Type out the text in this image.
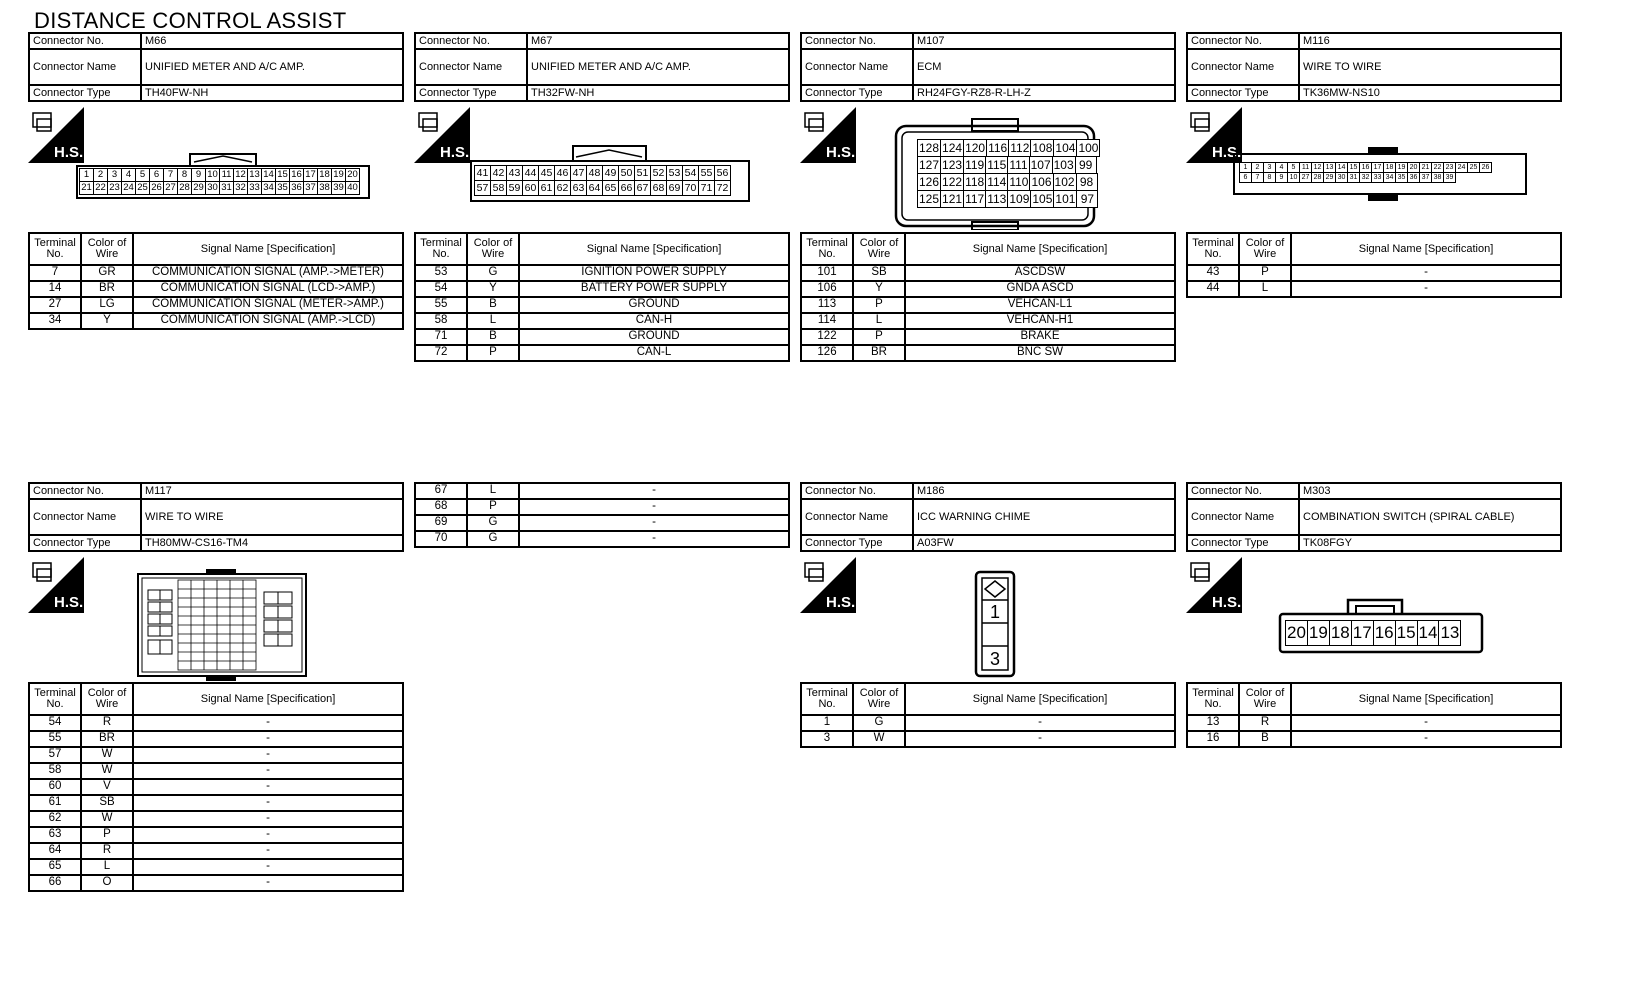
DISTANCE CONTROL ASSIST
Connector No.	M66
Connector Name	UNIFIED METER AND A/C AMP.
Connector Type	TH40FW-NH
H.S.
1 2 3 4 5 6 7 8 9 10 11 12 13 14 15 16 17 18 19 20
21 22 23 24 25 26 27 28 29 30 31 32 33 34 35 36 37 38 39 40
Connector No.	M67
Connector Name	UNIFIED METER AND A/C AMP.
Connector Type	TH32FW-NH
H.S.
41 42 43 44 45 46 47 48 49 50 51 52 53 54 55 56
57 58 59 60 61 62 63 64 65 66 67 68 69 70 71 72
Connector No.	M107
Connector Name	ECM
Connector Type	RH24FGY-RZ8-R-LH-Z
H.S.	128 124 120 116 112 108 104 100
127 123 119 115 111 107 103 99
126 122 118 114 110 106 102 98
125 121 117 113 109 105 101 97
Connector No.	M116
Connector Name	WIRE TO WIRE
Connector Type	TK36MW-NS10
H.S.
1	2	3	4	5 11 12 13 14 15 16 17 18 19 20 21 22 23 24 25 26
6	7	8	9 10 27 28 29 30 31 32 33 34 35 36 37 38 39
Connector No.	M117
Connector Name	WIRE TO WIRE
Connector Type	TH80MW-CS16-TM4
H.S.
Connector No.	M186
Connector Name	ICC WARNING CHIME
Connector Type	A03FW
H.S.	1
3
Connector No.	M303
Connector Name	COMBINATION SWITCH (SPIRAL CABLE)
Connector Type	TK08FGY
H.S.
20 19 18 17 16 15 14 13
Terminal No.	Color of Wire	Signal Name [Specification]
7	GR	COMMUNICATION SIGNAL (AMP.->METER)
14	BR	COMMUNICATION SIGNAL (LCD->AMP.)
27	LG	COMMUNICATION SIGNAL (METER->AMP.)
34	Y	COMMUNICATION SIGNAL (AMP.->LCD)
Terminal No.	Color of Wire	Signal Name [Specification]
53	G	IGNITION POWER SUPPLY
54	Y	BATTERY POWER SUPPLY
55	B	GROUND
58	L	CAN-H
71	B	GROUND
72	P	CAN-L
Terminal No.	Color of Wire	Signal Name [Specification]
101	SB	ASCDSW
106	Y	GNDA ASCD
113	P	VEHCAN-L1
114	L	VEHCAN-H1
122	P	BRAKE
126	BR	BNC SW
Terminal No.	Color of Wire	Signal Name [Specification]
43	P	-
44	L	-
Terminal No.	Color of Wire	Signal Name [Specification]
54	R	-
55	BR	-
57	W	-
58	W	-
60	V	-
61	SB	-
62	W	-
63	P	-
64	R	-
65	L	-
66	O	-
67	L	-
68	P	-
69	G	-
70	G	-
Terminal No.	Color of Wire	Signal Name [Specification]
1	G	-
3	W	-
Terminal No.	Color of Wire	Signal Name [Specification]
13	R	-
16	B	-
